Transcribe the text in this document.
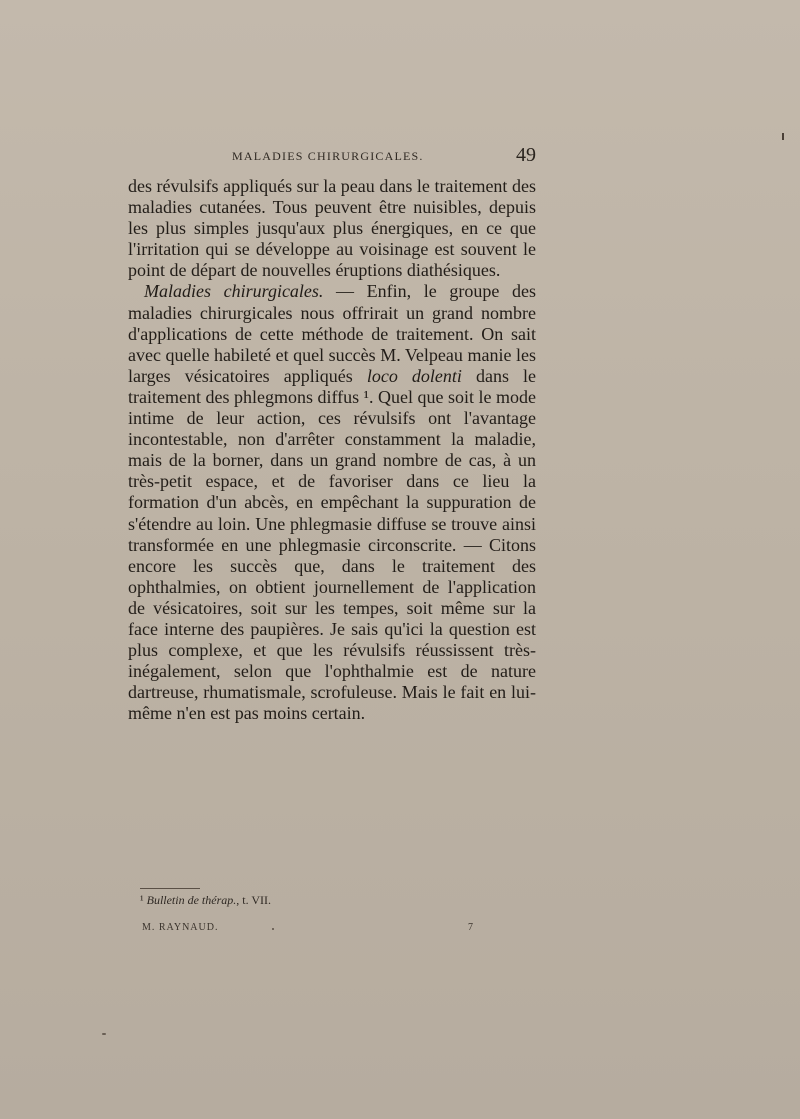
MALADIES CHIRURGICALES.	49

des révulsifs appliqués sur la peau dans le traitement des maladies cutanées. Tous peuvent être nuisibles, depuis les plus simples jusqu'aux plus énergiques, en ce que l'irritation qui se développe au voisinage est souvent le point de départ de nouvelles éruptions diathésiques.

Maladies chirurgicales. — Enfin, le groupe des maladies chirurgicales nous offrirait un grand nombre d'applications de cette méthode de traitement. On sait avec quelle habileté et quel succès M. Velpeau manie les larges vésicatoires appliqués loco dolenti dans le traitement des phlegmons diffus ¹. Quel que soit le mode intime de leur action, ces révulsifs ont l'avantage incontestable, non d'arrêter constamment la maladie, mais de la borner, dans un grand nombre de cas, à un très-petit espace, et de favoriser dans ce lieu la formation d'un abcès, en empêchant la suppuration de s'étendre au loin. Une phlegmasie diffuse se trouve ainsi transformée en une phlegmasie circonscrite. — Citons encore les succès que, dans le traitement des ophthalmies, on obtient journellement de l'application de vésicatoires, soit sur les tempes, soit même sur la face interne des paupières. Je sais qu'ici la question est plus complexe, et que les révulsifs réussissent très-inégalement, selon que l'ophthalmie est de nature dartreuse, rhumatismale, scrofuleuse. Mais le fait en lui-même n'en est pas moins certain.

¹ Bulletin de thérap., t. VII.
M. RAYNAUD.	7
